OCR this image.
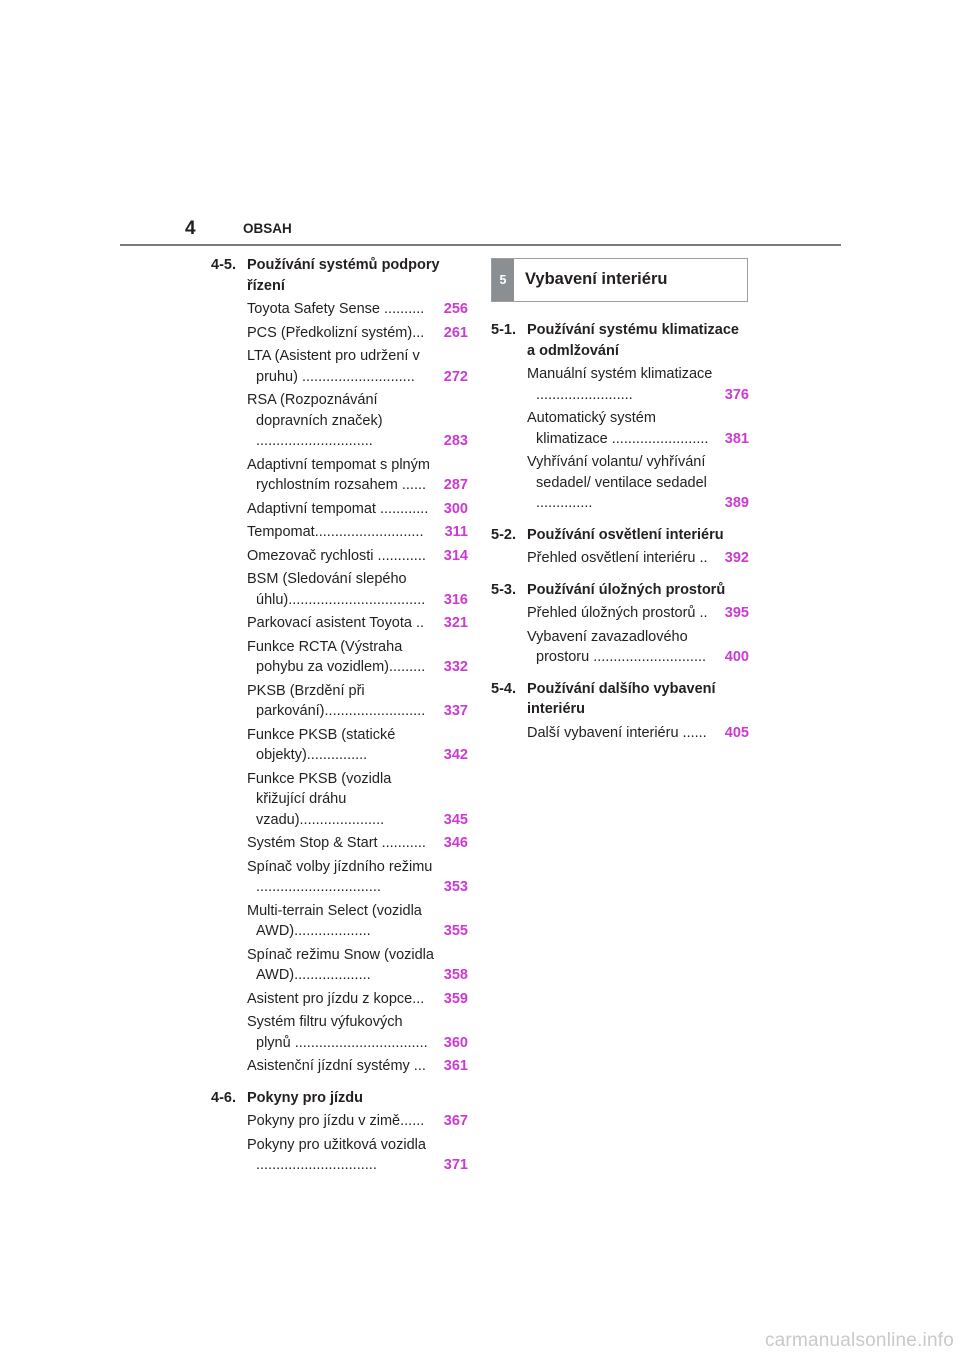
4	OBSAH
4-5. Používání systémů podpory řízení
Toyota Safety Sense .......... 256
PCS (Předkolizní systém)... 261
LTA (Asistent pro udržení v pruhu) ............................ 272
RSA (Rozpoznávání dopravních značek) .............................	283
Adaptivní tempomat s plným rychlostním rozsahem ...... 287
Adaptivní tempomat ............ 300
Tempomat........................... 311
Omezovač rychlosti ............ 314
BSM (Sledování slepého úhlu).................................. 316
Parkovací asistent Toyota .. 321
Funkce RCTA (Výstraha pohybu za vozidlem)......... 332
PKSB (Brzdění při parkování)......................... 337
Funkce PKSB (statické objekty)...............	342
Funkce PKSB (vozidla křižující dráhu vzadu).....................	345
Systém Stop & Start ........... 346
Spínač volby jízdního režimu ...............................	353
Multi-terrain Select (vozidla AWD)...................	355
Spínač režimu Snow (vozidla AWD)...................	358
Asistent pro jízdu z kopce... 359
Systém filtru výfukových plynů ................................. 360
Asistenční jízdní systémy ... 361
4-6. Pokyny pro jízdu
Pokyny pro jízdu v zimě...... 367
Pokyny pro užitková vozidla ..............................	371
5	Vybavení interiéru
5-1. Používání systému klimatizace a odmlžování
Manuální systém klimatizace ........................	376
Automatický systém klimatizace ........................ 381
Vyhřívání volantu/ vyhřívání sedadel/ ventilace sedadel ..............	389
5-2. Používání osvětlení interiéru
Přehled osvětlení interiéru .. 392
5-3. Používání úložných prostorů
Přehled úložných prostorů .. 395
Vybavení zavazadlového prostoru ............................ 400
5-4. Používání dalšího vybavení interiéru
Další vybavení interiéru ...... 405
carmanualsonline.info
